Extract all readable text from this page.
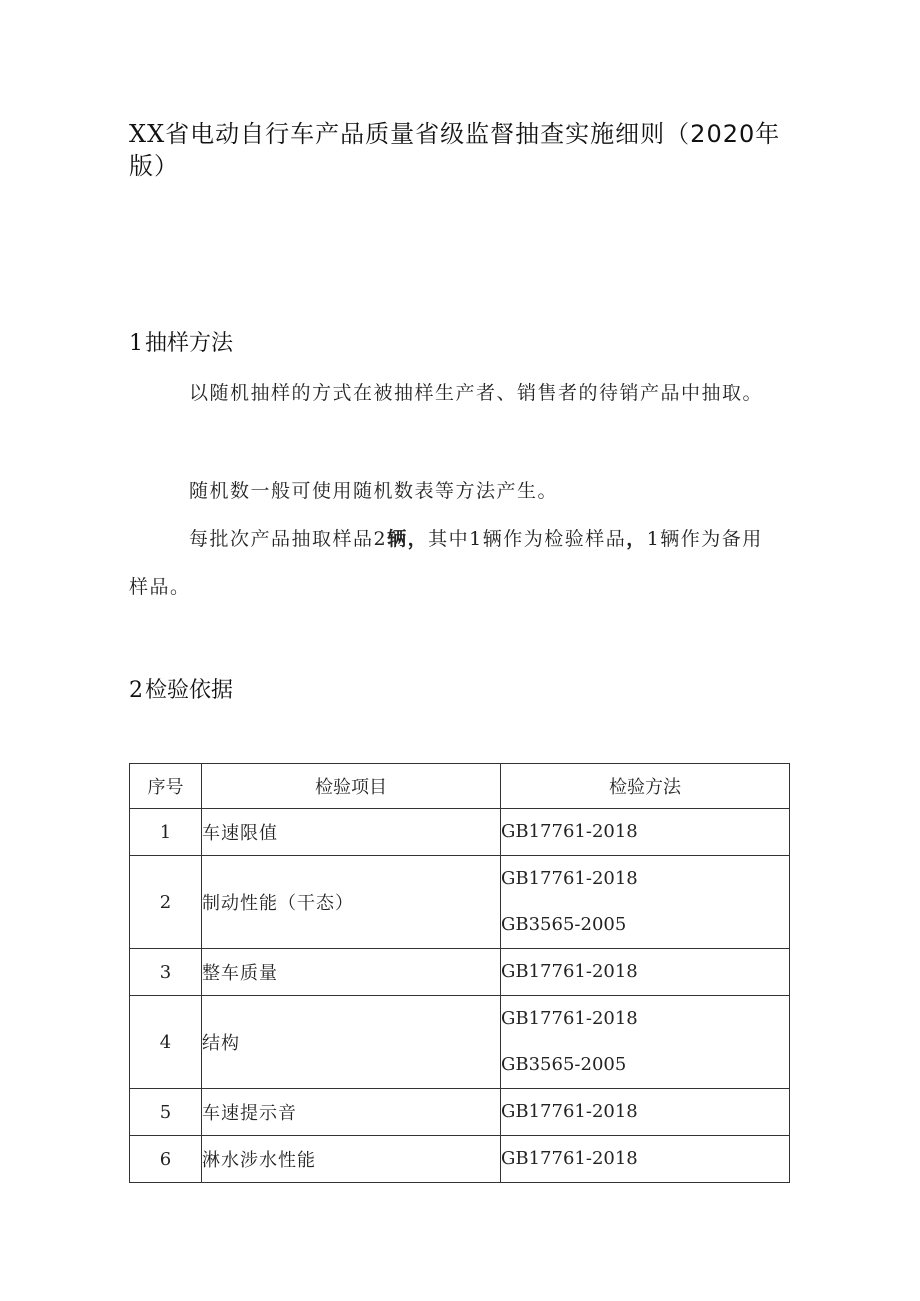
XX省电动自行车产品质量省级监督抽查实施细则（2020年版）
1抽样方法

以随机抽样的方式在被抽样生产者、销售者的待销产品中抽取。

随机数一般可使用随机数表等方法产生。

每批次产品抽取样品2辆，其中1辆作为检验样品，1辆作为备用样品。

2检验依据
序号	检验项目	检验方法
1	车速限值	GB17761-2018

2	制动性能（干态）	GB17761-2018
GB3565-2005

3	整车质量	GB17761-2018

4	结构	GB17761-2018
GB3565-2005

5	车速提示音	GB17761-2018

6	淋水涉水性能	GB17761-2018
